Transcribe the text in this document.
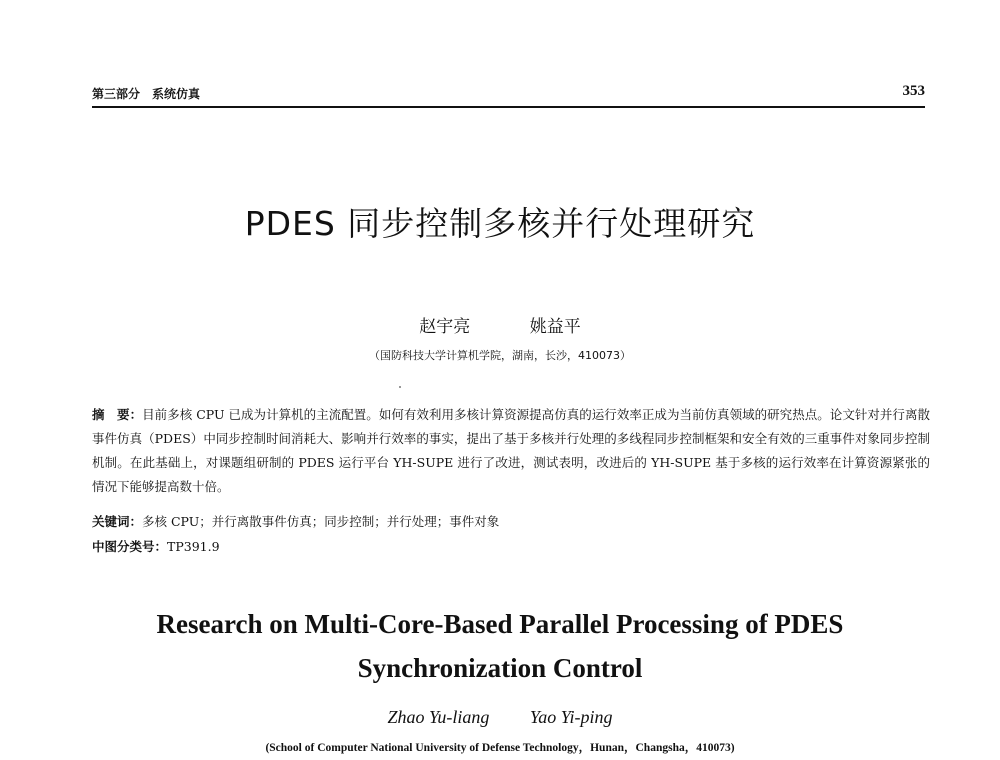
第三部分　系统仿真	353
PDES 同步控制多核并行处理研究
赵宇亮	姚益平
（国防科技大学计算机学院，湖南，长沙，410073）
摘　要：目前多核 CPU 已成为计算机的主流配置。如何有效利用多核计算资源提高仿真的运行效率正成为当前仿真领域的研究热点。论文针对并行离散事件仿真（PDES）中同步控制时间消耗大、影响并行效率的事实，提出了基于多核并行处理的多线程同步控制框架和安全有效的三重事件对象同步控制机制。在此基础上，对课题组研制的 PDES 运行平台 YH-SUPE 进行了改进，测试表明，改进后的 YH-SUPE 基于多核的运行效率在计算资源紧张的情况下能够提高数十倍。
关键词：多核 CPU；并行离散事件仿真；同步控制；并行处理；事件对象
中图分类号：TP391.9
Research on Multi-Core-Based Parallel Processing of PDES
Synchronization Control
Zhao Yu-liang Yao Yi-ping
(School of Computer National University of Defense Technology，Hunan，Changsha，410073)
